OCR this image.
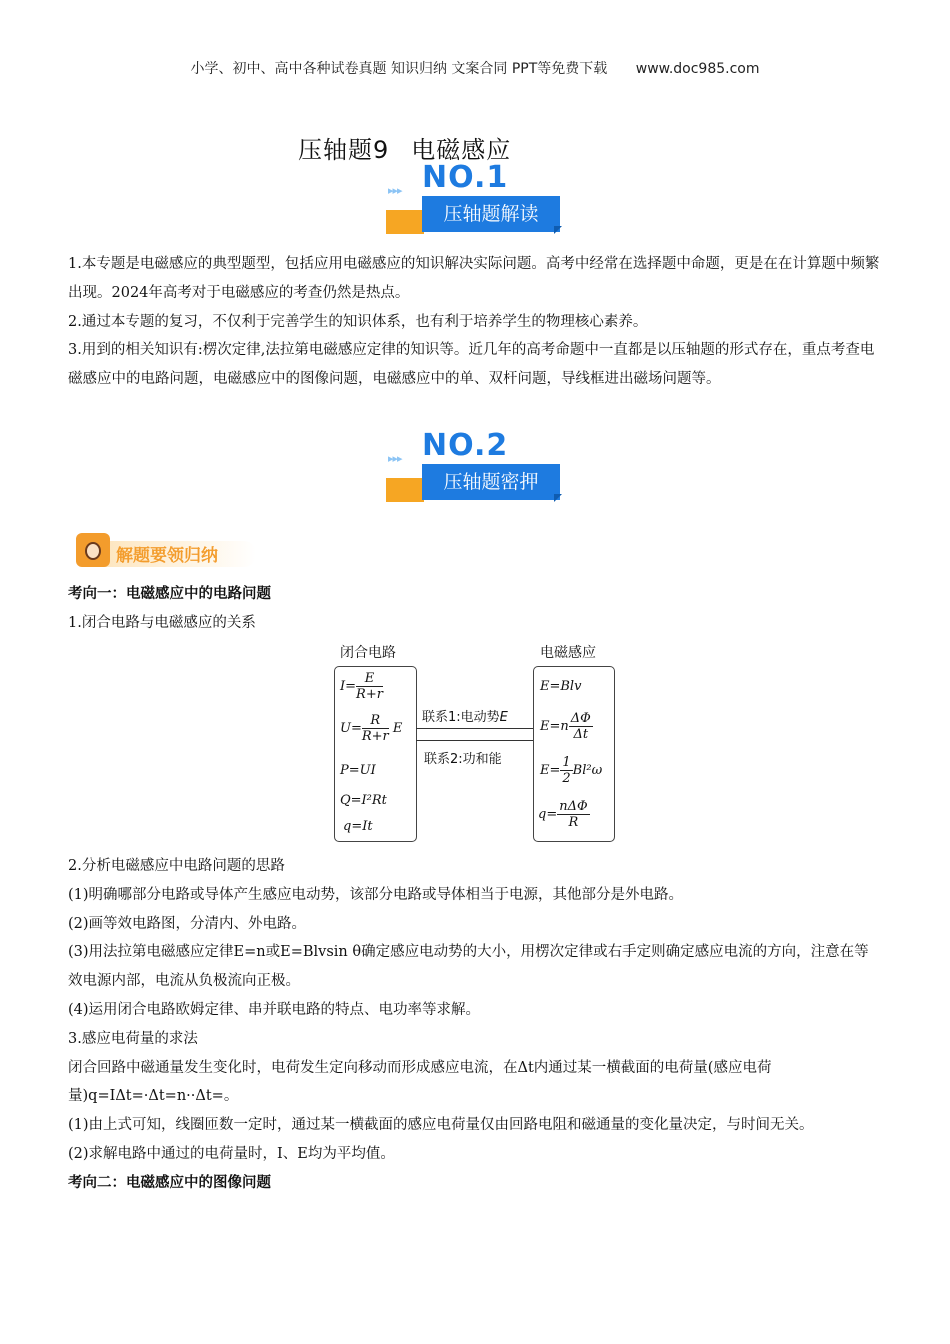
小学、初中、高中各种试卷真题 知识归纳 文案合同 PPT等免费下载 www.doc985.com
压轴题9 电磁感应
▸▸▸ NO.1
压轴题解读

1.本专题是电磁感应的典型题型，包括应用电磁感应的知识解决实际问题。高考中经常在选择题中命题，更是在在计算题中频繁出现。2024年高考对于电磁感应的考查仍然是热点。

2.通过本专题的复习，不仅利于完善学生的知识体系，也有利于培养学生的物理核心素养。

3.用到的相关知识有:楞次定律,法拉第电磁感应定律的知识等。近几年的高考命题中一直都是以压轴题的形式存在，重点考查电磁感应中的电路问题，电磁感应中的图像问题，电磁感应中的单、双杆问题，导线框进出磁场问题等。

▸▸▸ NO.2
压轴题密押
解题要领归纳

考向一：电磁感应中的电路问题

1.闭合电路与电磁感应的关系

闭合电路	电磁感应
$I= \frac{E}{R+r}$
$U= \frac{R}{R+r}$ E
P=UI
Q=I²Rt
q=It
E=Blv
$E=n \frac{\Delta\Phi}{\Delta t}$
$E= \frac{1}{2} Bl^2\omega$
$q= \frac{\text{nΔΦ}}{R}$
联系1:电动势E
联系2:功和能

2.分析电磁感应中电路问题的思路

(1)明确哪部分电路或导体产生感应电动势，该部分电路或导体相当于电源，其他部分是外电路。

(2)画等效电路图，分清内、外电路。

(3)用法拉第电磁感应定律E=n或E=Blvsin θ确定感应电动势的大小，用楞次定律或右手定则确定感应电流的方向，注意在等效电源内部，电流从负极流向正极。

(4)运用闭合电路欧姆定律、串并联电路的特点、电功率等求解。

3.感应电荷量的求法

闭合回路中磁通量发生变化时，电荷发生定向移动而形成感应电流，在Δt内通过某一横截面的电荷量(感应电荷量)q=IΔt=·Δt=n··Δt=。

(1)由上式可知，线圈匝数一定时，通过某一横截面的感应电荷量仅由回路电阻和磁通量的变化量决定，与时间无关。

(2)求解电路中通过的电荷量时，I、E均为平均值。

考向二：电磁感应中的图像问题
